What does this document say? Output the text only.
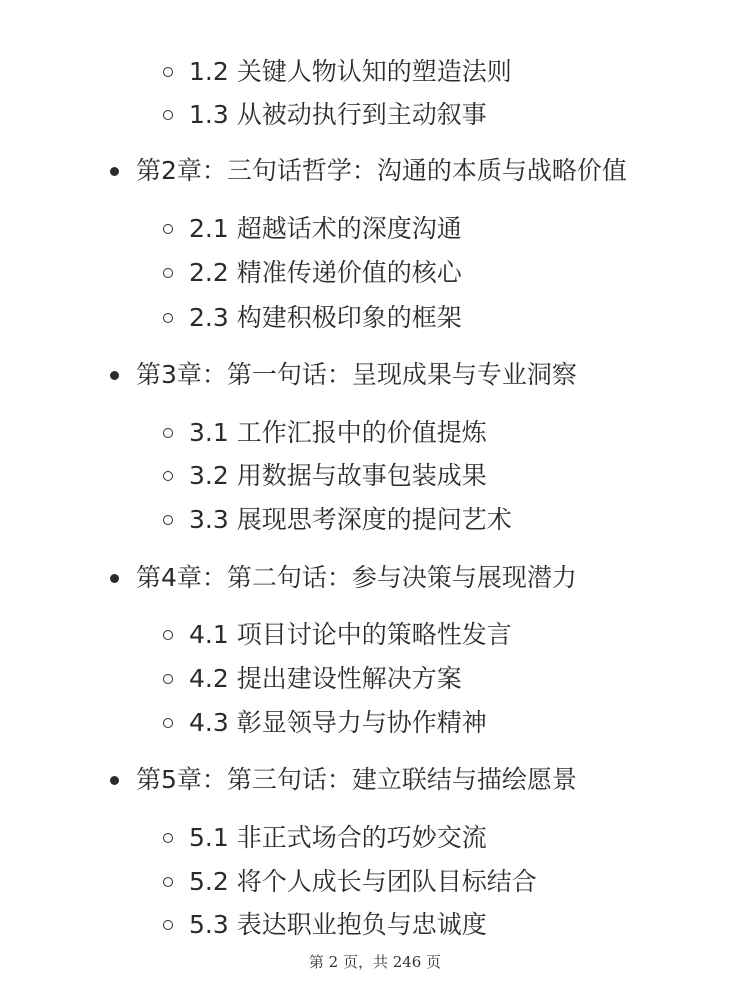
1.2 关键人物认知的塑造法则
1.3 从被动执行到主动叙事
第2章：三句话哲学：沟通的本质与战略价值
2.1 超越话术的深度沟通
2.2 精准传递价值的核心
2.3 构建积极印象的框架
第3章：第一句话：呈现成果与专业洞察
3.1 工作汇报中的价值提炼
3.2 用数据与故事包装成果
3.3 展现思考深度的提问艺术
第4章：第二句话：参与决策与展现潜力
4.1 项目讨论中的策略性发言
4.2 提出建设性解决方案
4.3 彰显领导力与协作精神
第5章：第三句话：建立联结与描绘愿景
5.1 非正式场合的巧妙交流
5.2 将个人成长与团队目标结合
5.3 表达职业抱负与忠诚度
第 2 页，共 246 页
